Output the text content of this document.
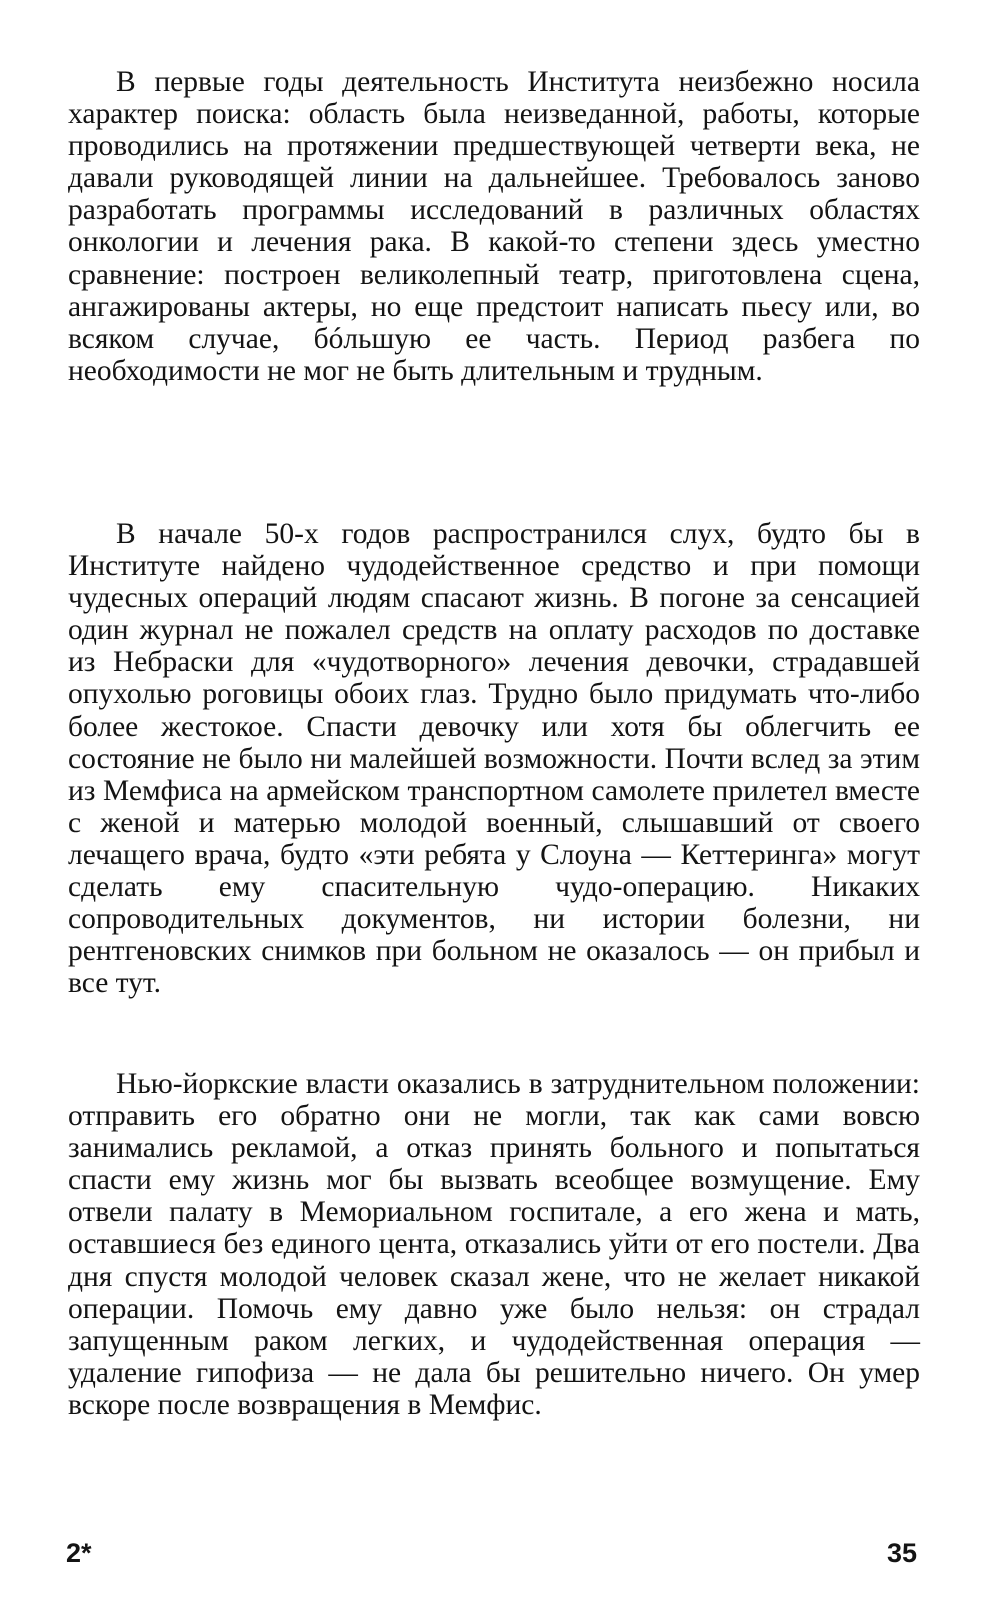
В первые годы деятельность Института неизбежно носила характер поиска: область была неизведанной, работы, которые проводились на протяжении предшествующей четверти века, не давали руководящей линии на дальнейшее. Требовалось заново разработать программы исследований в различных областях онкологии и лечения рака. В какой-то степени здесь уместно сравнение: построен великолепный театр, приготовлена сцена, ангажированы актеры, но еще предстоит написать пьесу или, во всяком случае, бóльшую ее часть. Период разбега по необходимости не мог не быть длительным и трудным.

В начале 50-х годов распространился слух, будто бы в Институте найдено чудодейственное средство и при помощи чудесных операций людям спасают жизнь. В погоне за сенсацией один журнал не пожалел средств на оплату расходов по доставке из Небраски для «чудотворного» лечения девочки, страдавшей опухолью роговицы обоих глаз. Трудно было придумать что-либо более жестокое. Спасти девочку или хотя бы облегчить ее состояние не было ни малейшей возможности. Почти вслед за этим из Мемфиса на армейском транспортном самолете прилетел вместе с женой и матерью молодой военный, слышавший от своего лечащего врача, будто «эти ребята у Слоуна — Кеттеринга» могут сделать ему спасительную чудо-операцию. Никаких сопроводительных документов, ни истории болезни, ни рентгеновских снимков при больном не оказалось — он прибыл и все тут.

Нью-йоркские власти оказались в затруднительном положении: отправить его обратно они не могли, так как сами вовсю занимались рекламой, а отказ принять больного и попытаться спасти ему жизнь мог бы вызвать всеобщее возмущение. Ему отвели палату в Мемориальном госпитале, а его жена и мать, оставшиеся без единого цента, отказались уйти от его постели. Два дня спустя молодой человек сказал жене, что не желает никакой операции. Помочь ему давно уже было нельзя: он страдал запущенным раком легких, и чудодейственная операция — удаление гипофиза — не дала бы решительно ничего. Он умер вскоре после возвращения в Мемфис.

2*	35
